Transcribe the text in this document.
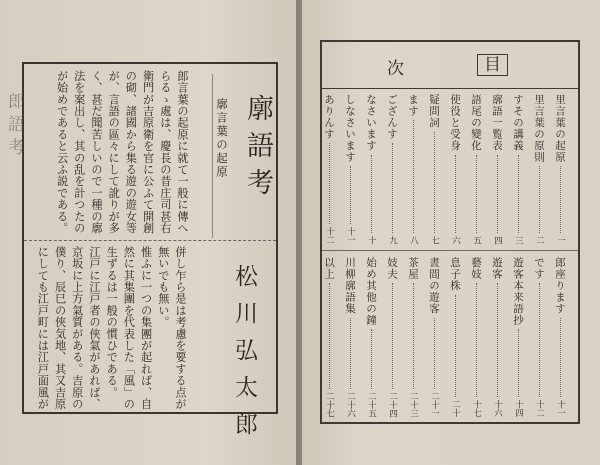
郎語考	廓語考
廓言葉の起原
郎言葉の起原に就て一般に傳へ
らるゝ處は、慶長の昔庄司甚右
衛門が吉原衛を官に公ふて開創
の砌、諸國から集る遊の遊女等
が、言語の區々にして訛りが多
く、甚だ聞苦しいので一種の廓
法を案出し、其の乱を計つたの
が始めであると云ふ説である。
松川弘太郎
併し乍ら是は考慮を要する点が
無いでも無い。
惟ふに一つの集團が起れば、自
然に其集團を代表した「風」の
生ずるは一般の慣ひである。
江戸に江戸者の俠氣があれば、
京坂に上方氣質がある。吉原の
僕り、辰巳の俠気地、其又吉原
にしても江戸町には江戸面風が
次	目
里言葉の起原
一
里言葉の原則
二
すその講義
三
廓語一覧表
四
語尾の變化
五
使役と受身
六
疑問詞
七
ます
八
ござんす
九
なさいます
十
しなさいます
十一
ありんす
十二
郎座ります
十一
です
十二
遊客本来語抄
十四
遊客
十六
藝妓
十七
息子株
二十
晝間の遊客
二十一
茶屋
二十三
妓夫
二十四
始め其他の鐘
二十五
川柳廓語集
二十六
以上
二十七
